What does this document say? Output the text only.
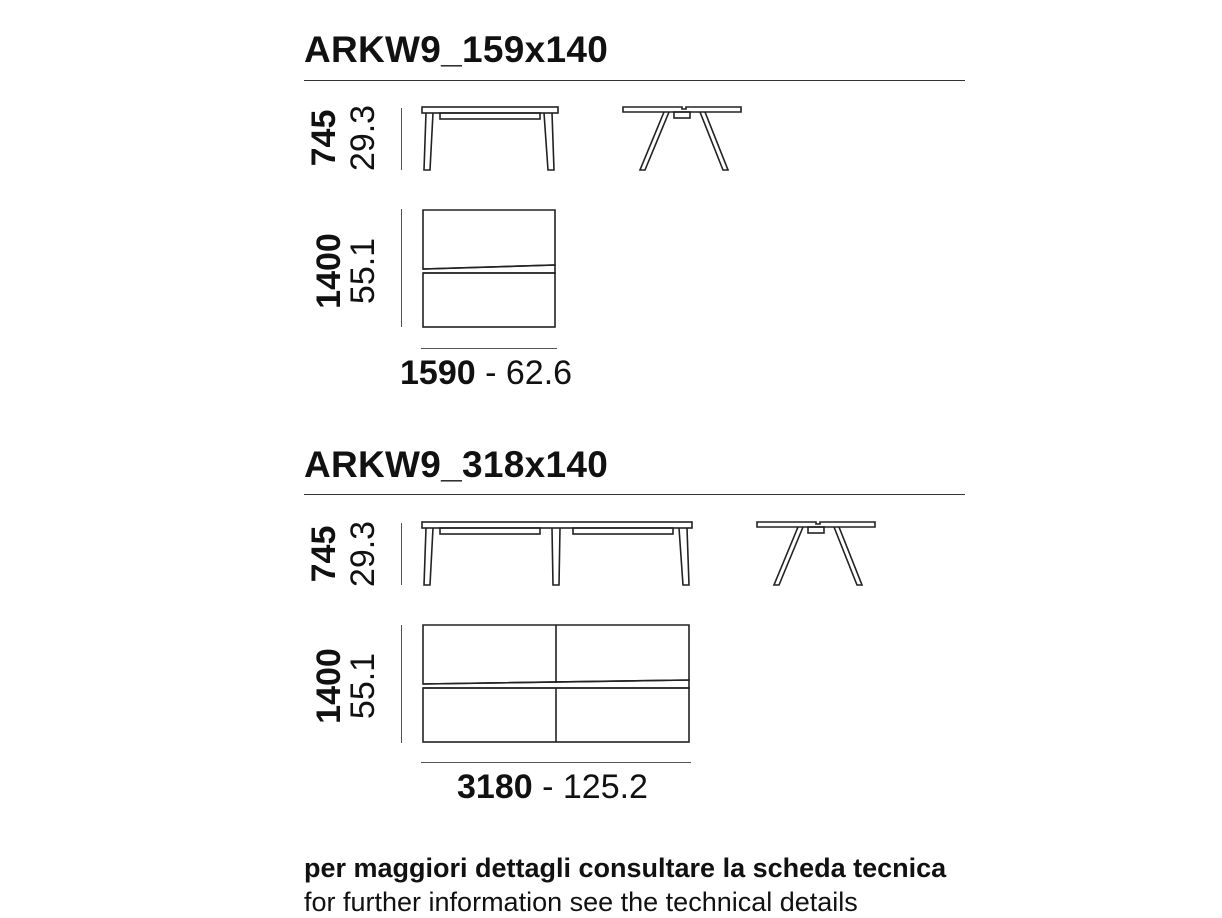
ARKW9_159x140
745 29.3
1400
55.1
1590 - 62.6
ARKW9_318x140
745 29.3
1400
55.1
3180 - 125.2
per maggiori dettagli consultare la scheda tecnica
for further information see the technical details
